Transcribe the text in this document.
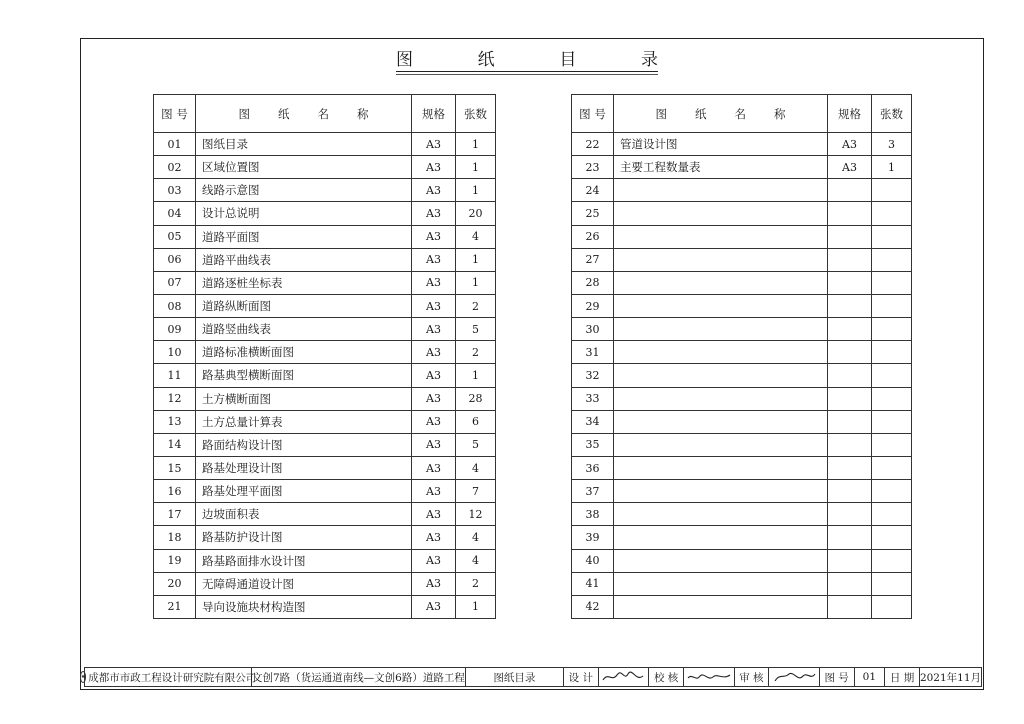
图	纸	目	录
图 号	图 纸 名 称	规格	张数
01	图纸目录	A3	1
02	区域位置图	A3	1
03	线路示意图	A3	1
04	设计总说明	A3	20
05	道路平面图	A3	4
06	道路平曲线表	A3	1
07	道路逐桩坐标表	A3	1
08	道路纵断面图	A3	2
09	道路竖曲线表	A3	5
10	道路标准横断面图	A3	2
11	路基典型横断面图	A3	1
12	土方横断面图	A3	28
13	土方总量计算表	A3	6
14	路面结构设计图	A3	5
15	路基处理设计图	A3	4
16	路基处理平面图	A3	7
17	边坡面积表	A3	12
18	路基防护设计图	A3	4
19	路基路面排水设计图	A3	4
20	无障碍通道设计图	A3	2
21	导向设施块材构造图	A3	1
图 号	图 纸 名 称	规格	张数
22	管道设计图	A3	3
23	主要工程数量表	A3	1
24			
25			
26			
27			
28			
29			
30			
31			
32			
33			
34			
35			
36			
37			
38			
39			
40			
41			
42			
★ 成都市市政工程设计研究院有限公司
文创7路（货运通道南线—文创6路）道路工程	图纸目录	设 计	校 核	审 核	图 号	01	日 期 2021年11月
